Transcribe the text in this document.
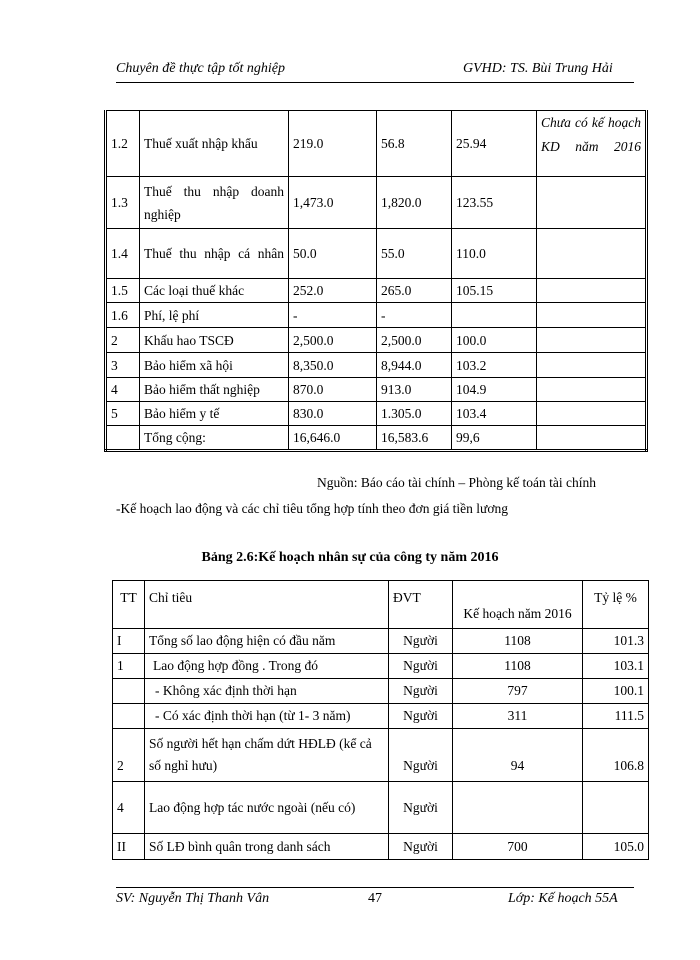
Chuyên đề thực tập tốt nghiệp	GVHD: TS. Bùi Trung Hải
1.2	Thuế xuất nhập khẩu	219.0	56.8	25.94	Chưa có kế hoạch KD năm 2016

1.3	Thuế thu nhập doanh nghiệp	1,473.0	1,820.0	123.55	
1.4	Thuế thu nhập cá nhân	50.0	55.0	110.0	
1.5	Các loại thuế khác	252.0	265.0	105.15	
1.6	Phí, lệ phí	-	-		
2	Khấu hao TSCĐ	2,500.0	2,500.0	100.0	
3	Bảo hiểm xã hội	8,350.0	8,944.0	103.2	
4	Bảo hiểm thất nghiệp	870.0	913.0	104.9	
5	Bảo hiểm y tế	830.0	1.305.0	103.4	
	Tổng cộng:	16,646.0	16,583.6	99,6	
Nguồn: Báo cáo tài chính – Phòng kế toán tài chính
-Kế hoạch lao động và các chỉ tiêu tổng hợp tính theo đơn giá tiền lương
Bảng 2.6:Kế hoạch nhân sự của công ty năm 2016
TT	Chỉ tiêu	ĐVT	Kế hoạch năm 2016	Tỷ lệ %
I	Tổng số lao động hiện có đầu năm	Người	1108	101.3
1	Lao động hợp đồng . Trong đó	Người	1108	103.1
	- Không xác định thời hạn	Người	797	100.1
	- Có xác định thời hạn (từ 1- 3 năm)	Người	311	111.5
2	Số người hết hạn chấm dứt HĐLĐ (kể cả số nghỉ hưu)	Người	94	106.8
4	Lao động hợp tác nước ngoài (nếu có)	Người		
II	Số LĐ bình quân trong danh sách	Người	700	105.0
SV: Nguyễn Thị Thanh Vân	47	Lớp: Kế hoạch 55A
